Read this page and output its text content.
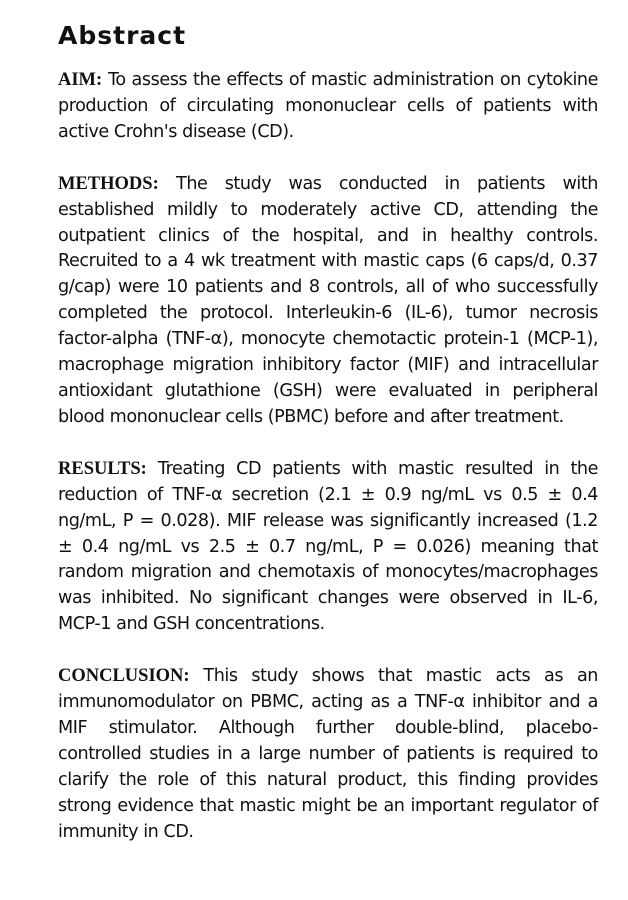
Abstract

AIM: To assess the effects of mastic administration on cytokine production of circulating mononuclear cells of patients with active Crohn's disease (CD).

METHODS: The study was conducted in patients with established mildly to moderately active CD, attending the outpatient clinics of the hospital, and in healthy controls. Recruited to a 4 wk treatment with mastic caps (6 caps/d, 0.37 g/cap) were 10 patients and 8 controls, all of who successfully completed the protocol. Interleukin-6 (IL-6), tumor necrosis factor-alpha (TNF-α), monocyte chemotactic protein-1 (MCP-1), macrophage migration inhibitory factor (MIF) and intracellular antioxidant glutathione (GSH) were evaluated in peripheral blood mononuclear cells (PBMC) before and after treatment.

RESULTS: Treating CD patients with mastic resulted in the reduction of TNF-α secretion (2.1 ± 0.9 ng/mL vs 0.5 ± 0.4 ng/mL, P = 0.028). MIF release was significantly increased (1.2 ± 0.4 ng/mL vs 2.5 ± 0.7 ng/mL, P = 0.026) meaning that random migration and chemotaxis of monocytes/macrophages was inhibited. No significant changes were observed in IL-6, MCP-1 and GSH concentrations.

CONCLUSION: This study shows that mastic acts as an immunomodulator on PBMC, acting as a TNF-α inhibitor and a MIF stimulator. Although further double-blind, placebo-controlled studies in a large number of patients is required to clarify the role of this natural product, this finding provides strong evidence that mastic might be an important regulator of immunity in CD.
